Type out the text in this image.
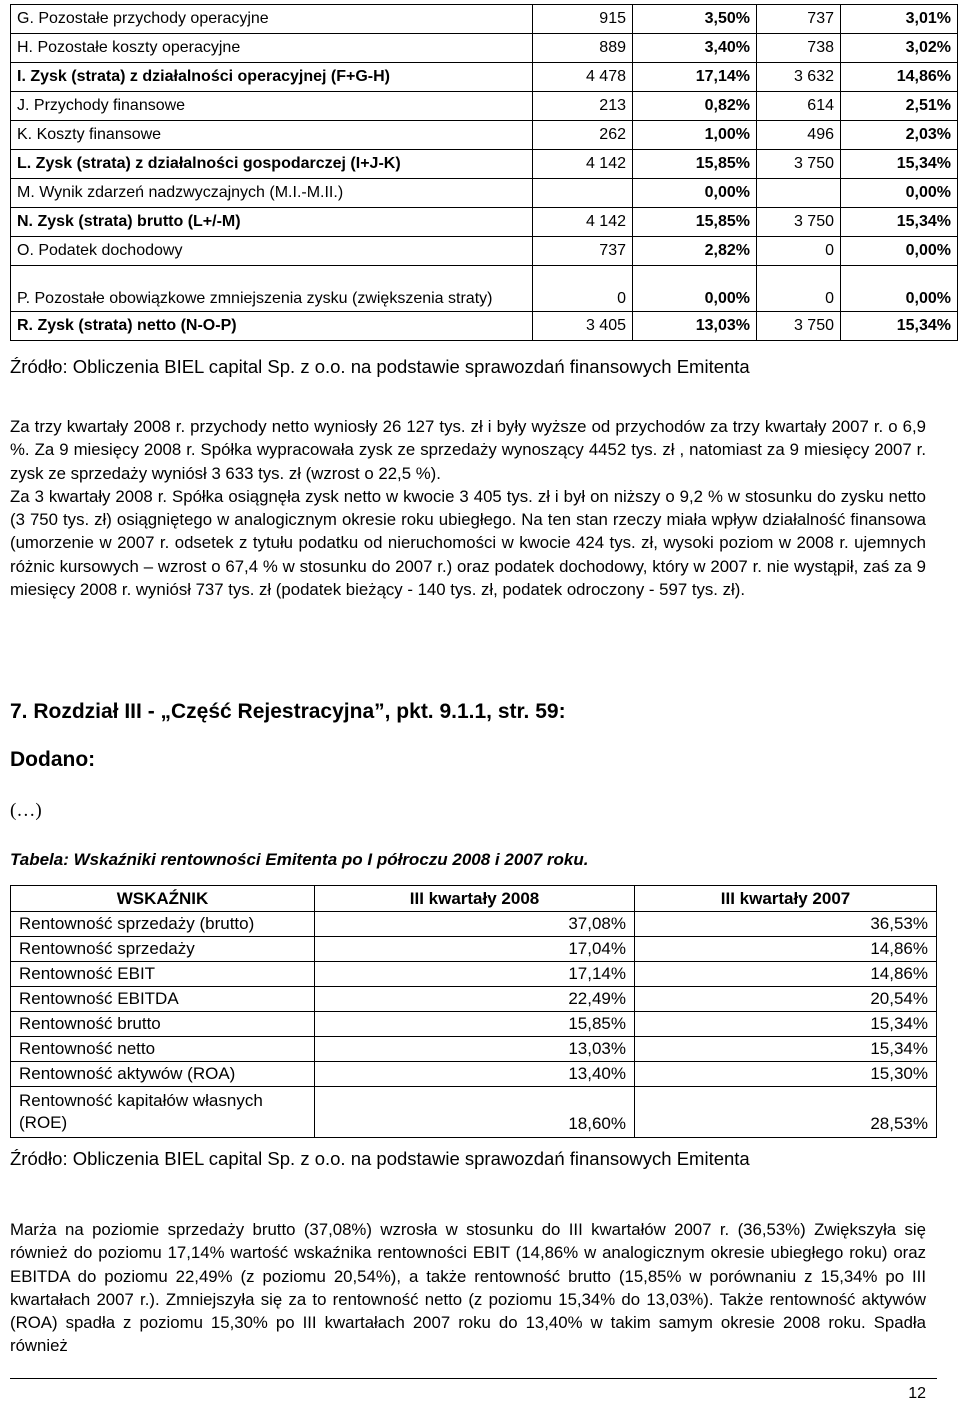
G. Pozostałe przychody operacyjne	915	3,50%	737	3,01%
H. Pozostałe koszty operacyjne	889	3,40%	738	3,02%
I. Zysk (strata) z działalności operacyjnej (F+G-H)	4 478	17,14%	3 632	14,86%
J. Przychody finansowe	213	0,82%	614	2,51%
K. Koszty finansowe	262	1,00%	496	2,03%
L. Zysk (strata) z działalności gospodarczej (I+J-K)	4 142	15,85%	3 750	15,34%
M. Wynik zdarzeń nadzwyczajnych (M.I.-M.II.)		0,00%		0,00%
N. Zysk (strata) brutto (L+/-M)	4 142	15,85%	3 750	15,34%
O. Podatek dochodowy	737	2,82%	0	0,00%
P. Pozostałe obowiązkowe zmniejszenia zysku (zwiększenia straty)	0	0,00%	0	0,00%
R. Zysk (strata) netto (N-O-P)	3 405	13,03%	3 750	15,34%
Źródło: Obliczenia BIEL capital Sp. z o.o. na podstawie sprawozdań finansowych Emitenta

Za trzy kwartały 2008 r. przychody netto wyniosły 26 127 tys. zł i były wyższe od przychodów za trzy kwartały 2007 r. o 6,9 %. Za 9 miesięcy 2008 r. Spółka wypracowała zysk ze sprzedaży wynoszący 4452 tys. zł , natomiast za 9 miesięcy 2007 r. zysk ze sprzedaży wyniósł 3 633 tys. zł (wzrost o 22,5 %).

Za 3 kwartały 2008 r. Spółka osiągnęła zysk netto w kwocie 3 405 tys. zł i był on niższy o 9,2 % w stosunku do zysku netto (3 750 tys. zł) osiągniętego w analogicznym okresie roku ubiegłego. Na ten stan rzeczy miała wpływ działalność finansowa (umorzenie w 2007 r. odsetek z tytułu podatku od nieruchomości w kwocie 424 tys. zł, wysoki poziom w 2008 r. ujemnych różnic kursowych – wzrost o 67,4 % w stosunku do 2007 r.) oraz podatek dochodowy, który w 2007 r. nie wystąpił, zaś za 9 miesięcy 2008 r. wyniósł 737 tys. zł (podatek bieżący - 140 tys. zł, podatek odroczony - 597 tys. zł).

7. Rozdział III - „Część Rejestracyjna”, pkt. 9.1.1, str. 59:
Dodano:
(…)
Tabela: Wskaźniki rentowności Emitenta po I półroczu 2008 i 2007 roku.
WSKAŹNIK	III kwartały 2008	III kwartały 2007
Rentowność sprzedaży (brutto)	37,08%	36,53%
Rentowność sprzedaży	17,04%	14,86%
Rentowność EBIT	17,14%	14,86%
Rentowność EBITDA	22,49%	20,54%
Rentowność brutto	15,85%	15,34%
Rentowność netto	13,03%	15,34%
Rentowność aktywów (ROA)	13,40%	15,30%
Rentowność kapitałów własnych (ROE)	18,60%	28,53%
Źródło: Obliczenia BIEL capital Sp. z o.o. na podstawie sprawozdań finansowych Emitenta
Marża na poziomie sprzedaży brutto (37,08%) wzrosła w stosunku do III kwartałów 2007 r. (36,53%) Zwiększyła się również do poziomu 17,14% wartość wskaźnika rentowności EBIT (14,86% w analogicznym okresie ubiegłego roku) oraz EBITDA do poziomu 22,49% (z poziomu 20,54%), a także rentowność brutto (15,85% w porównaniu z 15,34% po III kwartałach 2007 r.). Zmniejszyła się za to rentowność netto (z poziomu 15,34% do 13,03%). Także rentowność aktywów (ROA) spadła z poziomu 15,30% po III kwartałach 2007 roku do 13,40% w takim samym okresie 2008 roku. Spadła również
12
